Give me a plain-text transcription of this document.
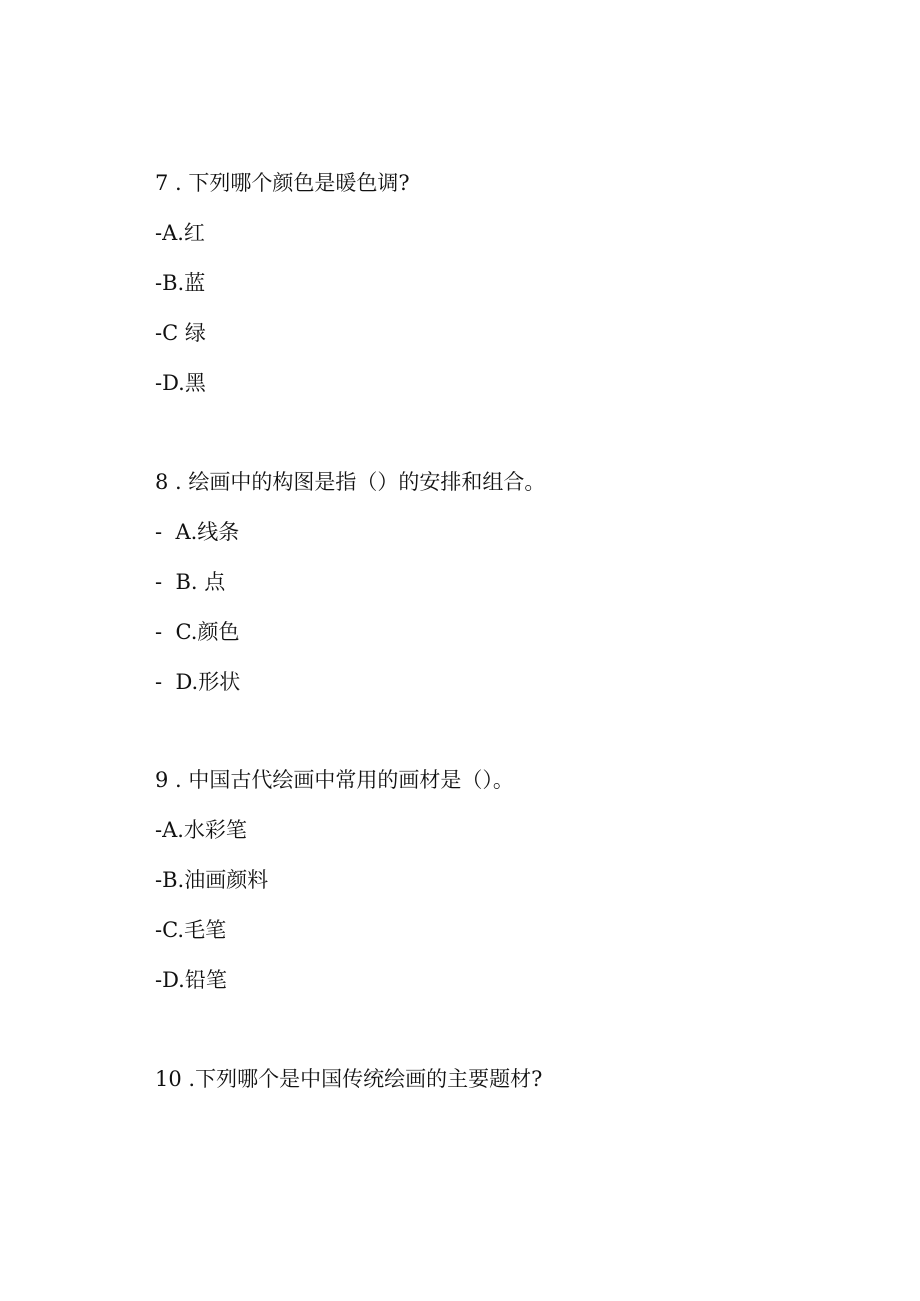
7 . 下列哪个颜色是暖色调?
-A.红
-B.蓝
-C 绿
-D.黑
8 . 绘画中的构图是指（）的安排和组合。
-  A.线条
-  B. 点
-  C.颜色
-  D.形状
9 . 中国古代绘画中常用的画材是（）。
-A.水彩笔
-B.油画颜料
-C.毛笔
-D.铅笔
10 .下列哪个是中国传统绘画的主要题材?
